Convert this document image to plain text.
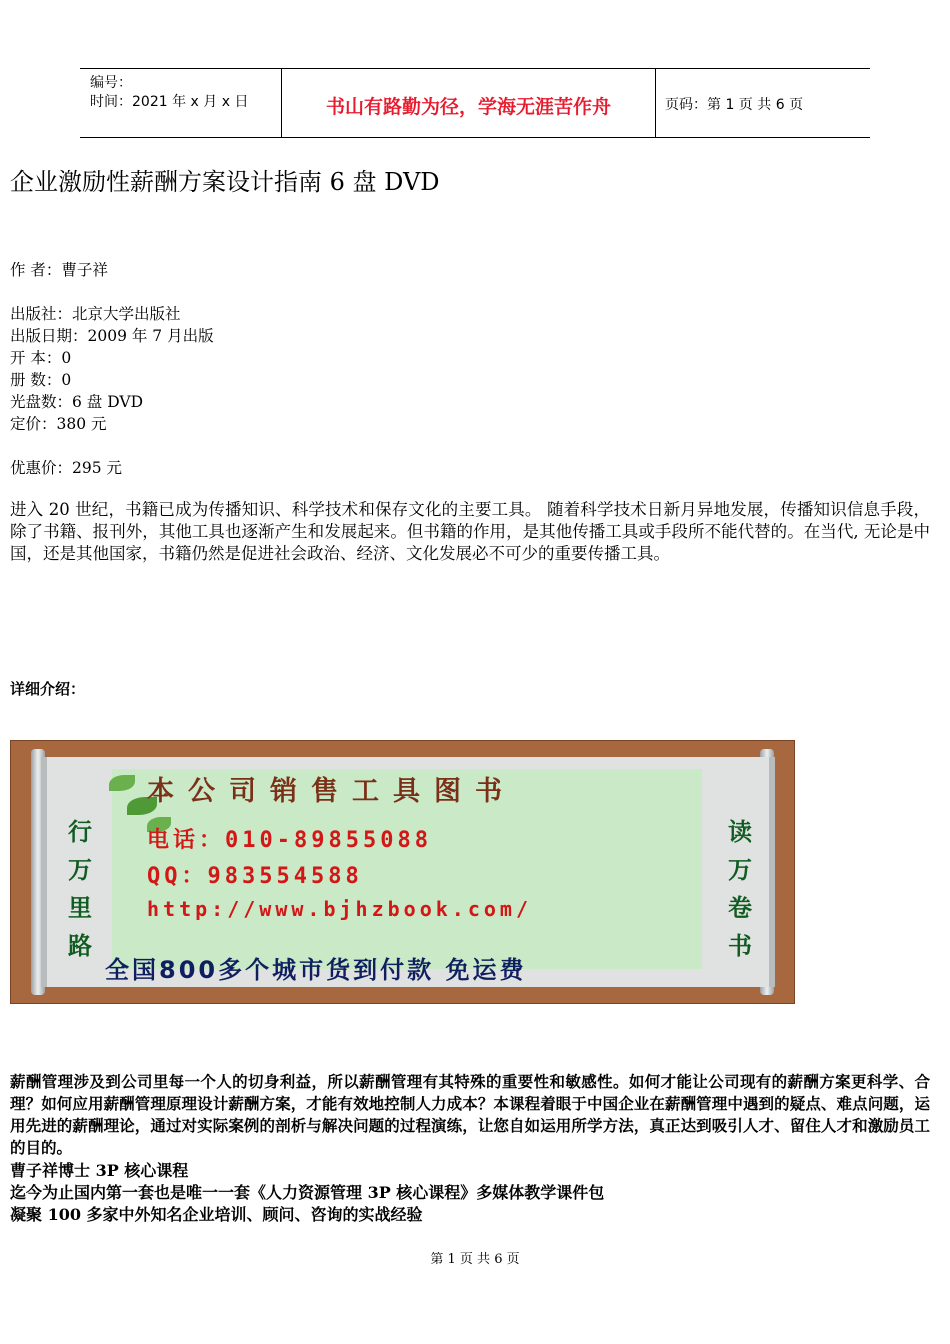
编号：
时间：2021 年 x 月 x 日	书山有路勤为径，学海无涯苦作舟	页码：第 1 页 共 6 页
企业激励性薪酬方案设计指南 6 盘 DVD
作 者：曹子祥
出版社：北京大学出版社
出版日期：2009 年 7 月出版
开 本：0
册 数：0
光盘数：6 盘 DVD
定价：380 元
优惠价：295 元
进入 20 世纪，书籍已成为传播知识、科学技术和保存文化的主要工具。 随着科学技术日新月异地发展，传播知识信息手段，除了书籍、报刊外，其他工具也逐渐产生和发展起来。但书籍的作用，是其他传播工具或手段所不能代替的。在当代, 无论是中国，还是其他国家，书籍仍然是促进社会政治、经济、文化发展必不可少的重要传播工具。
详细介绍：
行万里路
读万卷书
本公司销售工具图书
电话：010-89855088
QQ：983554588
http://www.bjhzbook.com/
全国800多个城市货到付款 免运费
薪酬管理涉及到公司里每一个人的切身利益，所以薪酬管理有其特殊的重要性和敏感性。如何才能让公司现有的薪酬方案更科学、合理？如何应用薪酬管理原理设计薪酬方案，才能有效地控制人力成本？本课程着眼于中国企业在薪酬管理中遇到的疑点、难点问题，运用先进的薪酬理论，通过对实际案例的剖析与解决问题的过程演练，让您自如运用所学方法，真正达到吸引人才、留住人才和激励员工的目的。
曹子祥博士 3P 核心课程
迄今为止国内第一套也是唯一一套《人力资源管理 3P 核心课程》多媒体教学课件包
凝聚 100 多家中外知名企业培训、顾问、咨询的实战经验
第 1 页 共 6 页
